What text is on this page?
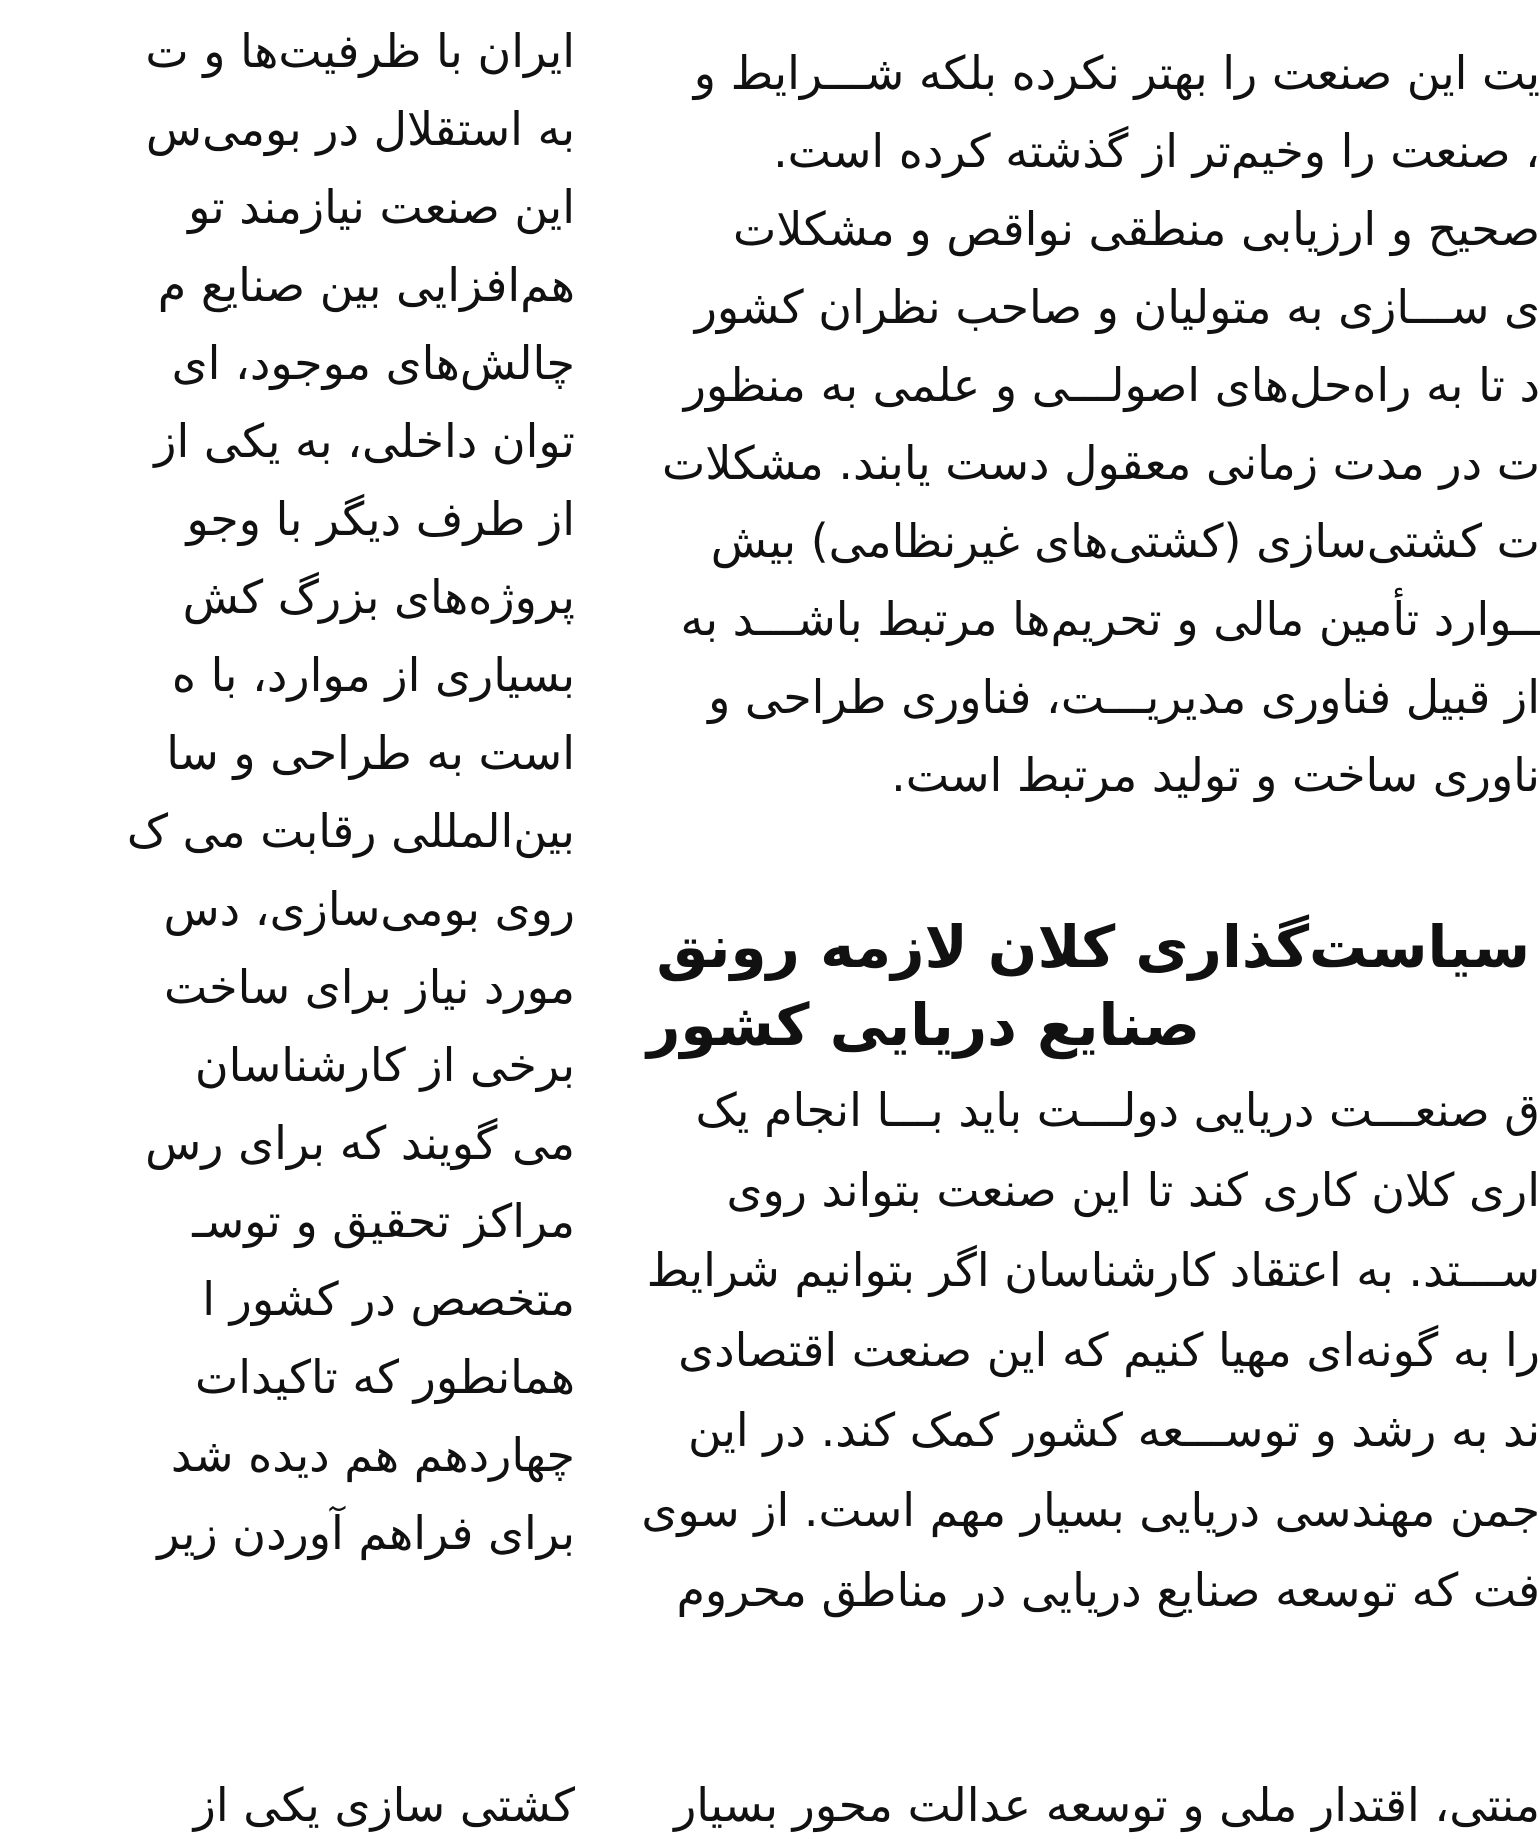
ایران با ظرفیت‌ها و ت
به استقلال در بومی‌س
این صنعت نیازمند تو
هم‌افزایی بین صنایع م
چالش‌های موجود، ای
توان داخلی، به یکی از
از طرف دیگر با وجو
پروژه‌های بزرگ کش
بسیاری از موارد، با ه
است به طراحی و سا
بین‌المللی رقابت می ک
روی بومی‌سازی، دس
مورد نیاز برای ساخت
برخی از کارشناسان
می گویند که برای رس
مراکز تحقیق و توسـ
متخصص در کشور ا
همانطور که تاکیدات
چهاردهم هم دیده شد
برای فراهم آوردن زیر
کشتی سازی یکی از
یت این صنعت را بهتر نکرده بلکه شـــرایط و
، صنعت را وخیم‌تر از گذشته کرده است.
صحیح و ارزیابی منطقی نواقص و مشکلات
ی ســـازی به متولیان و صاحب نظران کشور
د تا به راه‌حل‌های اصولـــی و علمی به منظور
ت در مدت زمانی معقول دست یابند. مشکلات
ت کشتی‌سازی (کشتی‌های غیرنظامی) بیش
ــوارد تأمین مالی و تحریم‌ها مرتبط باشـــد به
از قبیل فناوری مدیریـــت، فناوری طراحی و
ناوری ساخت و تولید مرتبط است.
سیاست‌گذاری کلان لازمه رونق
صنایع دریایی کشور
ق صنعـــت دریایی دولـــت باید بـــا انجام یک
اری کلان کاری کند تا این صنعت بتواند روی
ســـتد. به اعتقاد کارشناسان اگر بتوانیم شرایط
را به گونه‌ای مهیا کنیم که این صنعت اقتصادی
ند به رشد و توســـعه کشور کمک کند. در این
جمن مهندسی دریایی بسیار مهم است. از سوی
فت که توسعه صنایع دریایی در مناطق محروم
منتی، اقتدار ملی و توسعه عدالت محور بسیار
